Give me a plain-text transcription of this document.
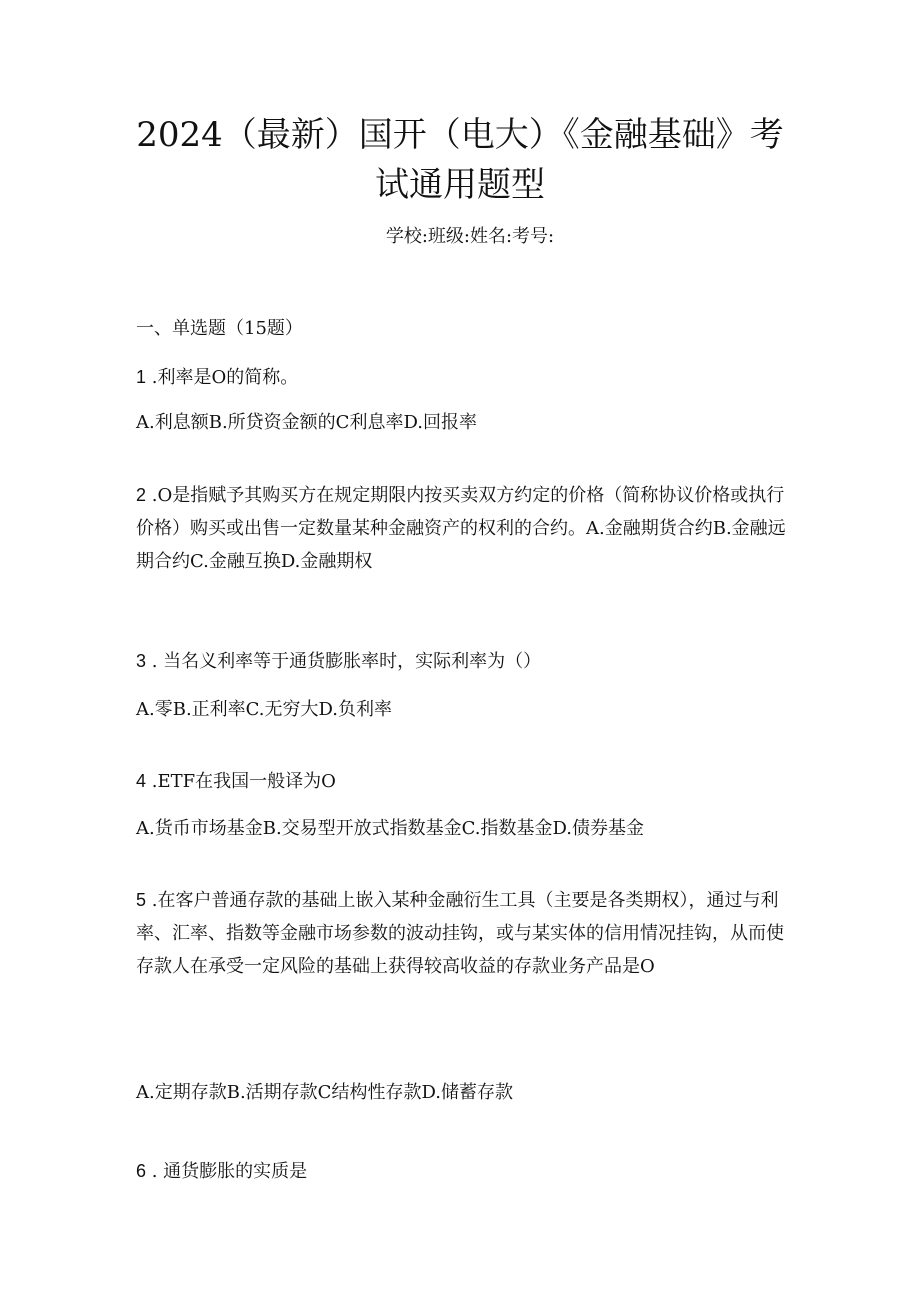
2024（最新）国开（电大）《金融基础》考试通用题型
学校:班级:姓名:考号:
一、单选题（15题）
1 .利率是O的简称。
A.利息额B.所贷资金额的C利息率D.回报率
2 .O是指赋予其购买方在规定期限内按买卖双方约定的价格（简称协议价格或执行价格）购买或出售一定数量某种金融资产的权利的合约。A.金融期货合约B.金融远期合约C.金融互换D.金融期权
3 . 当名义利率等于通货膨胀率时，实际利率为（）
A.零B.正利率C.无穷大D.负利率
4 .ETF在我国一般译为O
A.货币市场基金B.交易型开放式指数基金C.指数基金D.债券基金
5 .在客户普通存款的基础上嵌入某种金融衍生工具（主要是各类期权），通过与利率、汇率、指数等金融市场参数的波动挂钩，或与某实体的信用情况挂钩，从而使存款人在承受一定风险的基础上获得较高收益的存款业务产品是O
A.定期存款B.活期存款C结构性存款D.储蓄存款
6 . 通货膨胀的实质是
